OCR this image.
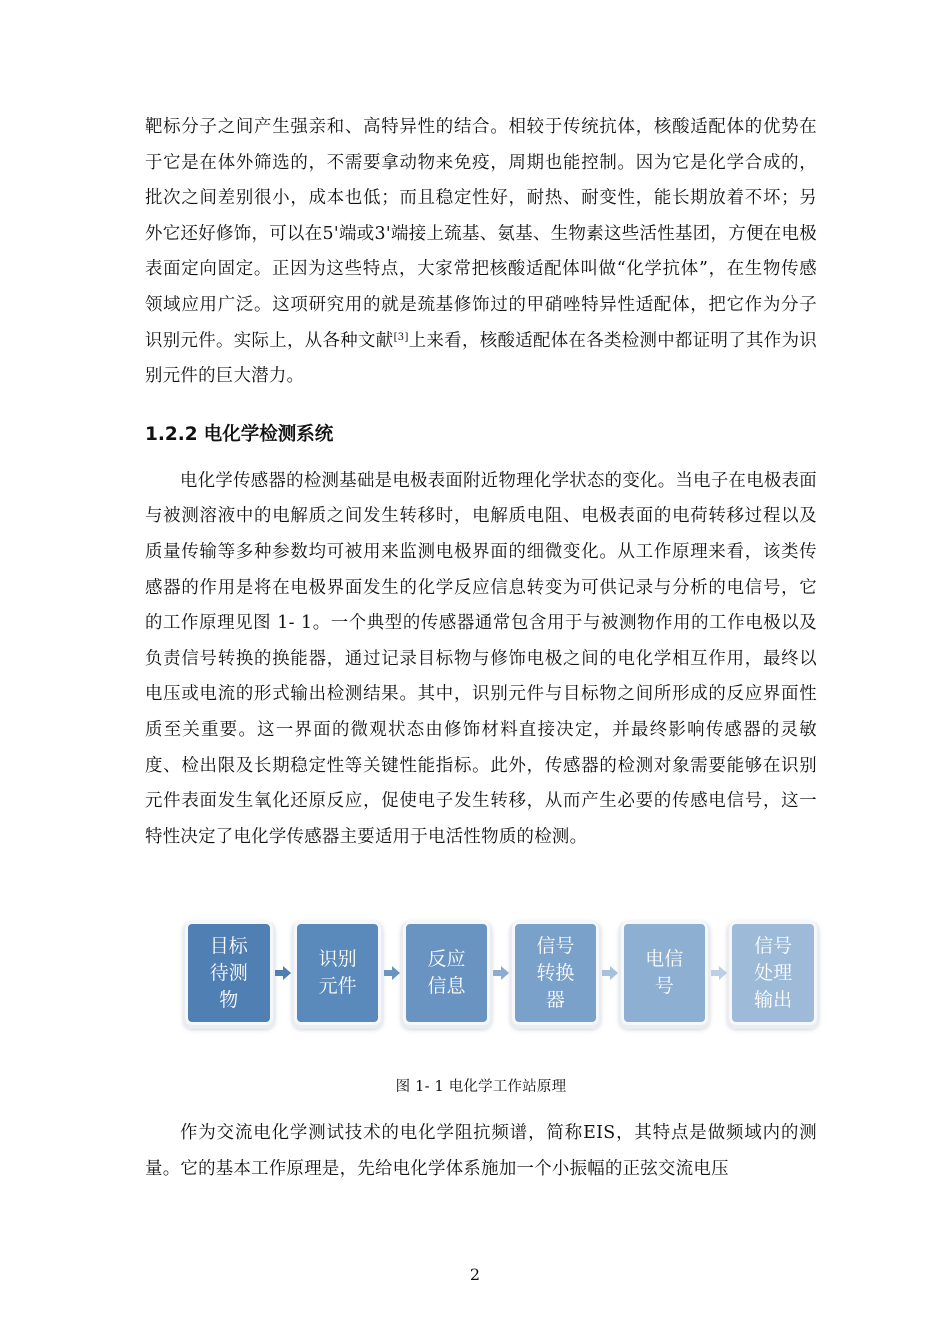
靶标分子之间产生强亲和、高特异性的结合。相较于传统抗体，核酸适配体的优势在于它是在体外筛选的，不需要拿动物来免疫，周期也能控制。因为它是化学合成的，批次之间差别很小，成本也低；而且稳定性好，耐热、耐变性，能长期放着不坏；另外它还好修饰，可以在5'端或3'端接上巯基、氨基、生物素这些活性基团，方便在电极表面定向固定。正因为这些特点，大家常把核酸适配体叫做“化学抗体”，在生物传感领域应用广泛。这项研究用的就是巯基修饰过的甲硝唑特异性适配体，把它作为分子识别元件。实际上，从各种文献[3]上来看，核酸适配体在各类检测中都证明了其作为识别元件的巨大潜力。

1.2.2 电化学检测系统

电化学传感器的检测基础是电极表面附近物理化学状态的变化。当电子在电极表面与被测溶液中的电解质之间发生转移时，电解质电阻、电极表面的电荷转移过程以及质量传输等多种参数均可被用来监测电极界面的细微变化。从工作原理来看，该类传感器的作用是将在电极界面发生的化学反应信息转变为可供记录与分析的电信号，它的工作原理见图 1- 1。一个典型的传感器通常包含用于与被测物作用的工作电极以及负责信号转换的换能器，通过记录目标物与修饰电极之间的电化学相互作用，最终以电压或电流的形式输出检测结果。其中，识别元件与目标物之间所形成的反应界面性质至关重要。这一界面的微观状态由修饰材料直接决定，并最终影响传感器的灵敏度、检出限及长期稳定性等关键性能指标。此外，传感器的检测对象需要能够在识别元件表面发生氧化还原反应，促使电子发生转移，从而产生必要的传感电信号，这一特性决定了电化学传感器主要适用于电活性物质的检测。

目标
待测
物
识别
元件
反应
信息
信号
转换
器
电信
号
信号
处理
输出
图 1- 1 电化学工作站原理

作为交流电化学测试技术的电化学阻抗频谱，简称EIS，其特点是做频域内的测量。它的基本工作原理是，先给电化学体系施加一个小振幅的正弦交流电压

2
